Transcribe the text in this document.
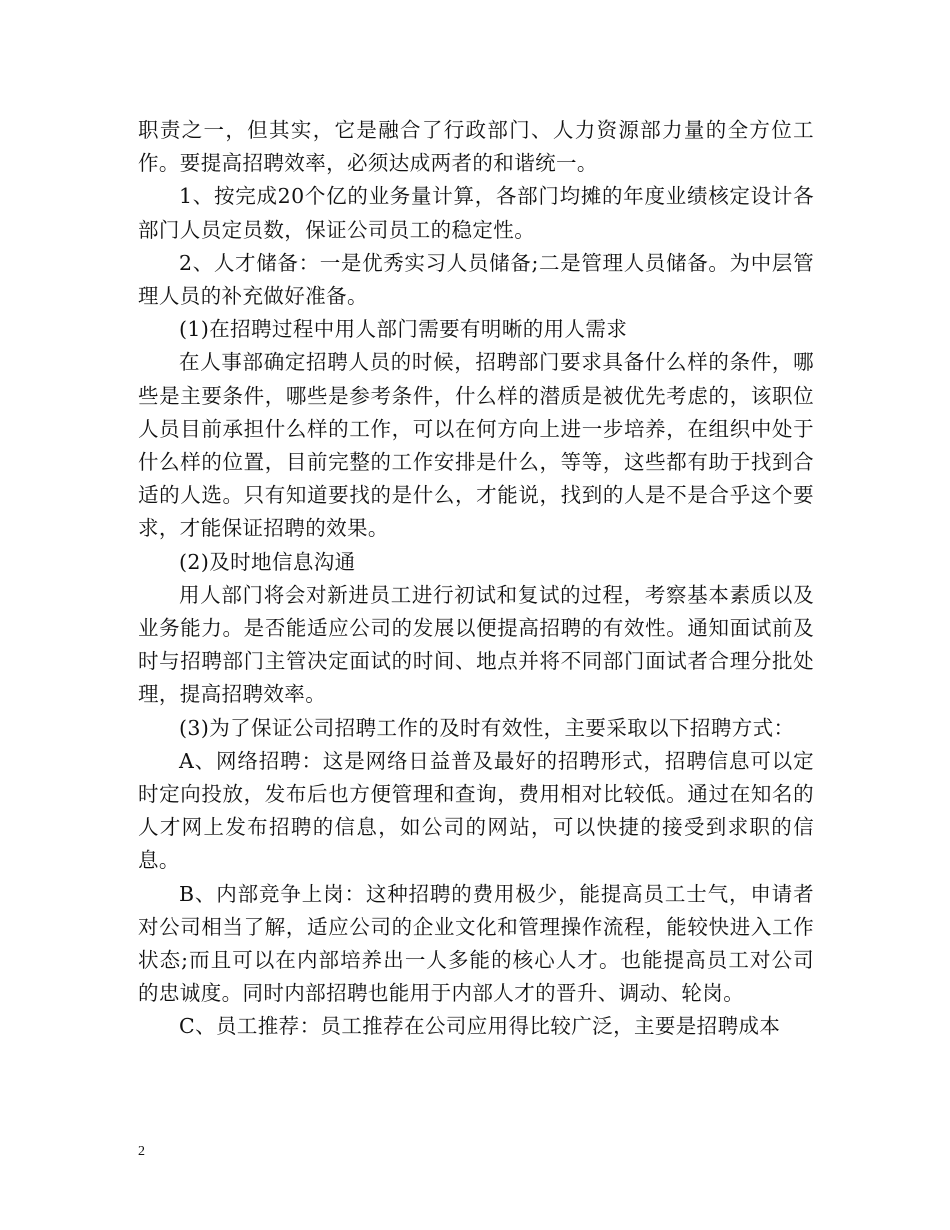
职责之一，但其实，它是融合了行政部门、人力资源部力量的全方位工作。要提高招聘效率，必须达成两者的和谐统一。

1、按完成20个亿的业务量计算，各部门均摊的年度业绩核定设计各部门人员定员数，保证公司员工的稳定性。

2、人才储备：一是优秀实习人员储备;二是管理人员储备。为中层管理人员的补充做好准备。

(1)在招聘过程中用人部门需要有明晰的用人需求

在人事部确定招聘人员的时候，招聘部门要求具备什么样的条件，哪些是主要条件，哪些是参考条件，什么样的潜质是被优先考虑的，该职位人员目前承担什么样的工作，可以在何方向上进一步培养，在组织中处于什么样的位置，目前完整的工作安排是什么，等等，这些都有助于找到合适的人选。只有知道要找的是什么，才能说，找到的人是不是合乎这个要求，才能保证招聘的效果。

(2)及时地信息沟通

用人部门将会对新进员工进行初试和复试的过程，考察基本素质以及业务能力。是否能适应公司的发展以便提高招聘的有效性。通知面试前及时与招聘部门主管决定面试的时间、地点并将不同部门面试者合理分批处理，提高招聘效率。

(3)为了保证公司招聘工作的及时有效性，主要采取以下招聘方式：

A、网络招聘：这是网络日益普及最好的招聘形式，招聘信息可以定时定向投放，发布后也方便管理和查询，费用相对比较低。通过在知名的人才网上发布招聘的信息，如公司的网站，可以快捷的接受到求职的信息。

B、内部竞争上岗：这种招聘的费用极少，能提高员工士气，申请者对公司相当了解，适应公司的企业文化和管理操作流程，能较快进入工作状态;而且可以在内部培养出一人多能的核心人才。也能提高员工对公司的忠诚度。同时内部招聘也能用于内部人才的晋升、调动、轮岗。

C、员工推荐：员工推荐在公司应用得比较广泛，主要是招聘成本

2
